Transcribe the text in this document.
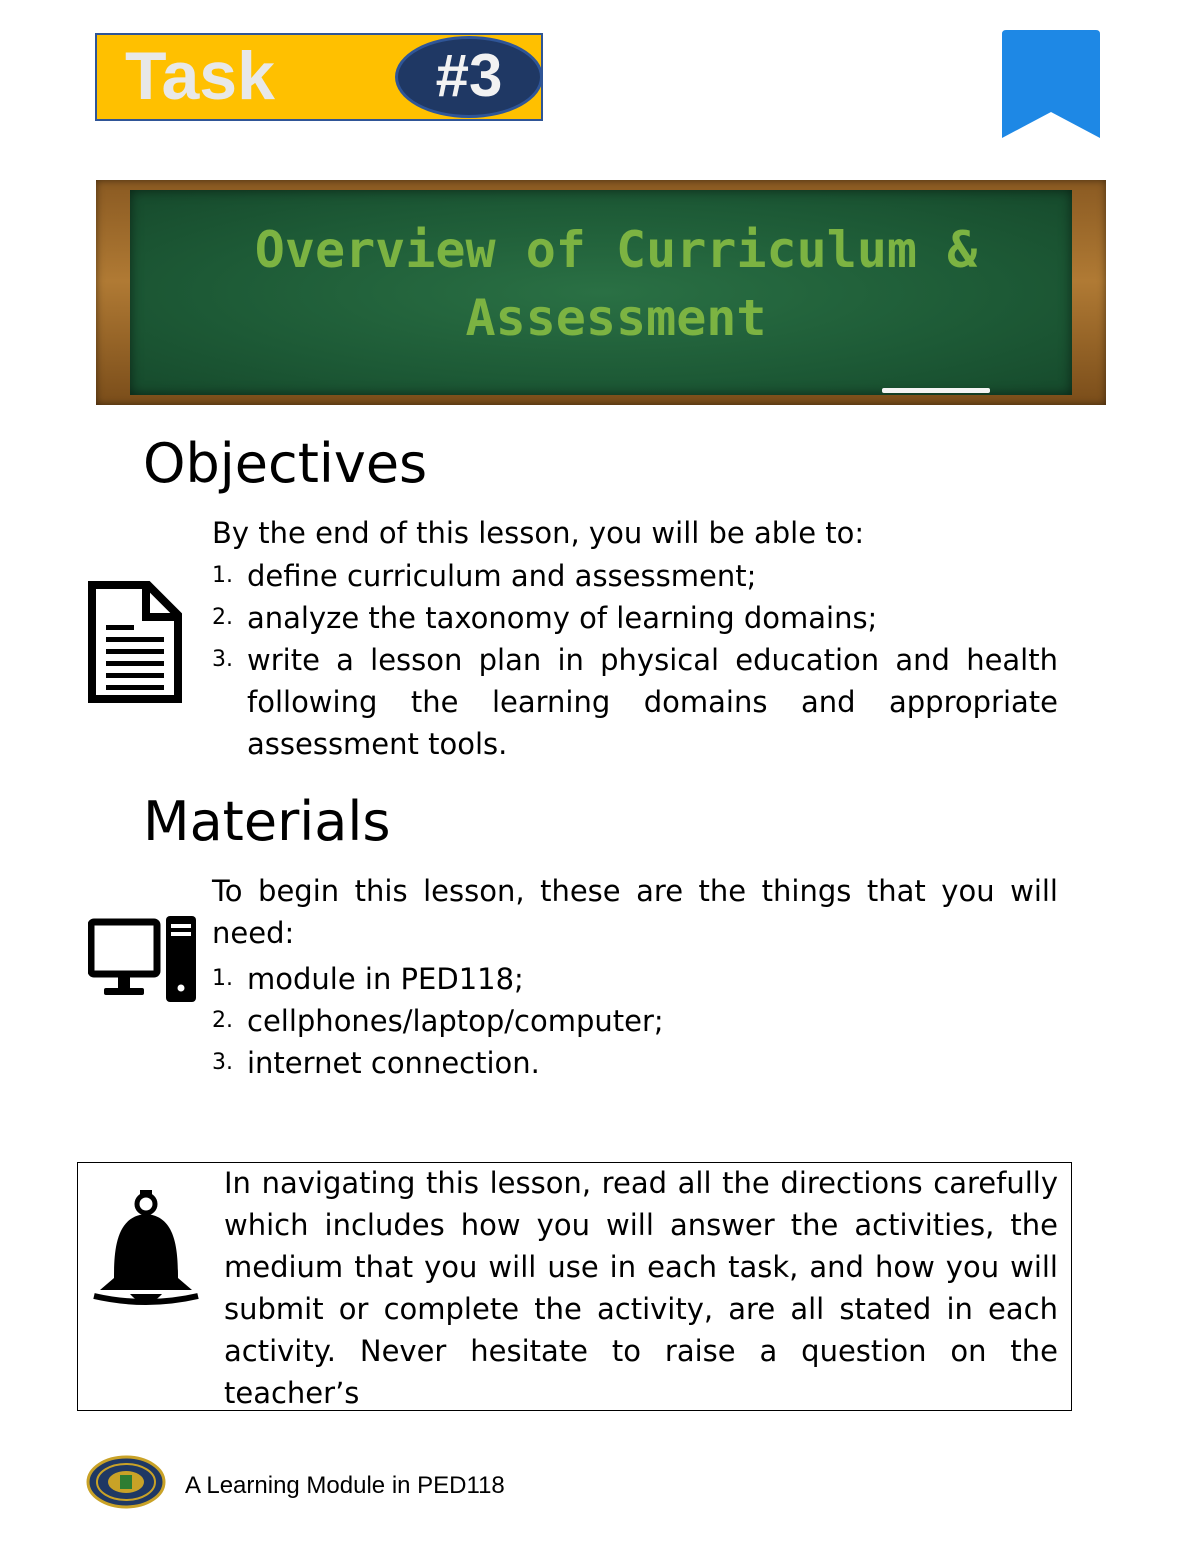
Task	#3
Overview of Curriculum &
Assessment
Objectives
By the end of this lesson, you will be able to:
1. define curriculum and assessment;
2. analyze the taxonomy of learning domains;
3. write a lesson plan in physical education and health following the learning domains and appropriate assessment tools.
Materials
To begin this lesson, these are the things that you will need:
1. module in PED118;
2. cellphones/laptop/computer;
3. internet connection.
In navigating this lesson, read all the directions carefully which includes how you will answer the activities, the medium that you will use in each task, and how you will submit or complete the activity, are all stated in each activity. Never hesitate to raise a question on the teacher’s
A Learning Module in PED118
